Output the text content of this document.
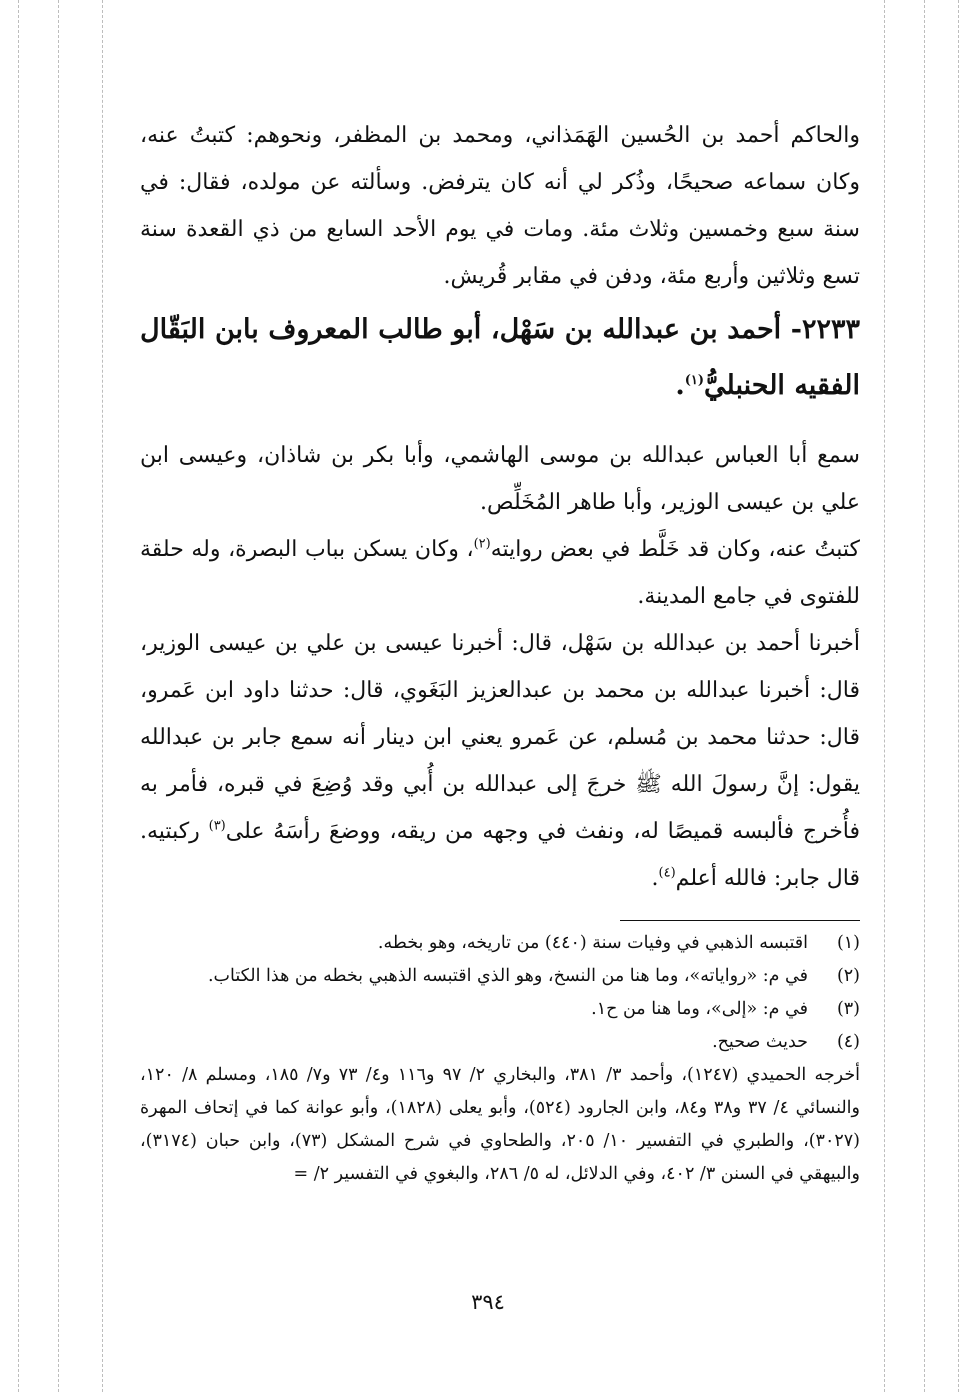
والحاكم أحمد بن الحُسين الهَمَذاني، ومحمد بن المظفر، ونحوهم: كتبتُ عنه، وكان سماعه صحيحًا، وذُكر لي أنه كان يترفض. وسألته عن مولده، فقال: في سنة سبع وخمسين وثلاث مئة. ومات في يوم الأحد السابع من ذي القعدة سنة تسع وثلاثين وأربع مئة، ودفن في مقابر قُريش.

٢٢٣٣- أحمد بن عبدالله بن سَهْل، أبو طالب المعروف بابن البَقّال الفقيه الحنبليُّ$^{(١)}$.

سمع أبا العباس عبدالله بن موسى الهاشمي، وأبا بكر بن شاذان، وعيسى ابن علي بن عيسى الوزير، وأبا طاهر المُخَلِّص.

كتبتُ عنه، وكان قد خَلَّط في بعض روايته$^{(٢)}$، وكان يسكن بباب البصرة، وله حلقة للفتوى في جامع المدينة.

أخبرنا أحمد بن عبدالله بن سَهْل، قال: أخبرنا عيسى بن علي بن عيسى الوزير، قال: أخبرنا عبدالله بن محمد بن عبدالعزيز البَغَوي، قال: حدثنا داود ابن عَمرو، قال: حدثنا محمد بن مُسلم، عن عَمرو يعني ابن دينار أنه سمع جابر بن عبدالله يقول: إنَّ رسولَ الله ﷺ خرجَ إلى عبدالله بن أُبي وقد وُضِعَ في قبره، فأمر به فأُخرج فألبسه قميصًا له، ونفث في وجهه من ريقه، ووضعَ رأسَهُ على$^{(٣)}$ ركبتيه. قال جابر: فالله أعلم$^{(٤)}$.

(١)
اقتبسه الذهبي في وفيات سنة (٤٤٠) من تاريخه، وهو بخطه.
(٢)
في م: «رواياته»، وما هنا من النسخ، وهو الذي اقتبسه الذهبي بخطه من هذا الكتاب.
(٣)
في م: «إلى»، وما هنا من ح١.
(٤)
حديث صحيح.

أخرجه الحميدي (١٢٤٧)، وأحمد ٣/ ٣٨١، والبخاري ٢/ ٩٧ و١١٦ و٤/ ٧٣ و٧/ ١٨٥، ومسلم ٨/ ١٢٠، والنسائي ٤/ ٣٧ و٣٨ و٨٤، وابن الجارود (٥٢٤)، وأبو يعلى (١٨٢٨)، وأبو عوانة كما في إتحاف المهرة (٣٠٢٧)، والطبري في التفسير ١٠/ ٢٠٥، والطحاوي في شرح المشكل (٧٣)، وابن حبان (٣١٧٤)، والبيهقي في السنن ٣/ ٤٠٢، وفي الدلائل، له ٥/ ٢٨٦، والبغوي في التفسير ٢/ =

٣٩٤
